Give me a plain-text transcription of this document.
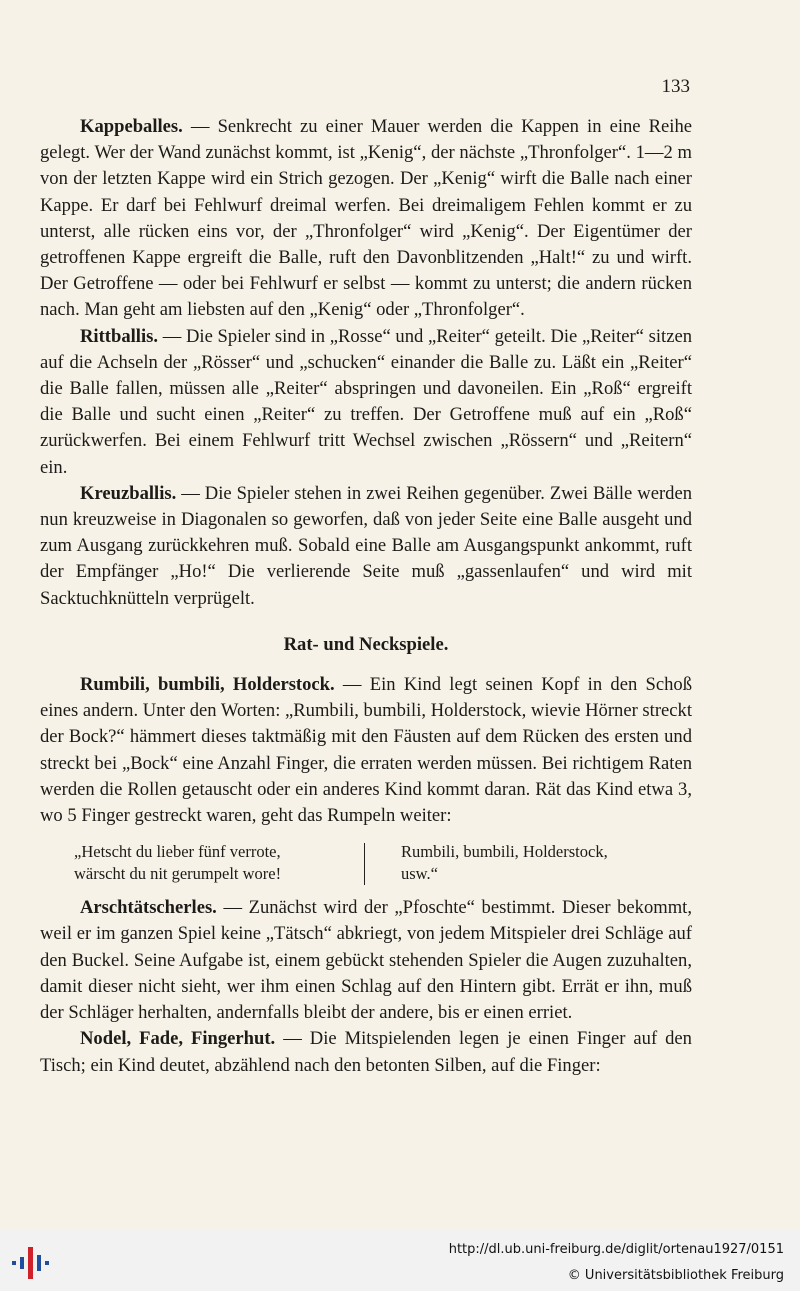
133

Kappeballes. — Senkrecht zu einer Mauer werden die Kappen in eine Reihe gelegt. Wer der Wand zunächst kommt, ist „Kenig“, der nächste „Thronfolger“. 1—2 m von der letzten Kappe wird ein Strich gezogen. Der „Kenig“ wirft die Balle nach einer Kappe. Er darf bei Fehlwurf dreimal werfen. Bei dreimaligem Fehlen kommt er zu unterst, alle rücken eins vor, der „Thronfolger“ wird „Kenig“. Der Eigentümer der getroffenen Kappe ergreift die Balle, ruft den Davonblitzenden „Halt!“ zu und wirft. Der Getroffene — oder bei Fehlwurf er selbst — kommt zu unterst; die andern rücken nach. Man geht am liebsten auf den „Kenig“ oder „Thronfolger“.

Rittballis. — Die Spieler sind in „Rosse“ und „Reiter“ geteilt. Die „Reiter“ sitzen auf die Achseln der „Rösser“ und „schucken“ einander die Balle zu. Läßt ein „Reiter“ die Balle fallen, müssen alle „Reiter“ abspringen und davoneilen. Ein „Roß“ ergreift die Balle und sucht einen „Reiter“ zu treffen. Der Getroffene muß auf ein „Roß“ zurückwerfen. Bei einem Fehlwurf tritt Wechsel zwischen „Rössern“ und „Reitern“ ein.

Kreuzballis. — Die Spieler stehen in zwei Reihen gegenüber. Zwei Bälle werden nun kreuzweise in Diagonalen so geworfen, daß von jeder Seite eine Balle ausgeht und zum Ausgang zurückkehren muß. Sobald eine Balle am Ausgangspunkt ankommt, ruft der Empfänger „Ho!“ Die verlierende Seite muß „gassenlaufen“ und wird mit Sacktuchknütteln verprügelt.

Rat- und Neckspiele.

Rumbili, bumbili, Holderstock. — Ein Kind legt seinen Kopf in den Schoß eines andern. Unter den Worten: „Rumbili, bumbili, Holderstock, wievie Hörner streckt der Bock?“ hämmert dieses taktmäßig mit den Fäusten auf dem Rücken des ersten und streckt bei „Bock“ eine Anzahl Finger, die erraten werden müssen. Bei richtigem Raten werden die Rollen getauscht oder ein anderes Kind kommt daran. Rät das Kind etwa 3, wo 5 Finger gestreckt waren, geht das Rumpeln weiter:

„Hetscht du lieber fünf verrote,
wärscht du nit gerumpelt wore!
Rumbili, bumbili, Holderstock,
usw.“

Arschtätscherles. — Zunächst wird der „Pfoschte“ bestimmt. Dieser bekommt, weil er im ganzen Spiel keine „Tätsch“ abkriegt, von jedem Mitspieler drei Schläge auf den Buckel. Seine Aufgabe ist, einem gebückt stehenden Spieler die Augen zuzuhalten, damit dieser nicht sieht, wer ihm einen Schlag auf den Hintern gibt. Errät er ihn, muß der Schläger herhalten, andernfalls bleibt der andere, bis er einen erriet.

Nodel, Fade, Fingerhut. — Die Mitspielenden legen je einen Finger auf den Tisch; ein Kind deutet, abzählend nach den betonten Silben, auf die Finger:

http://dl.ub.uni-freiburg.de/diglit/ortenau1927/0151
© Universitätsbibliothek Freiburg
